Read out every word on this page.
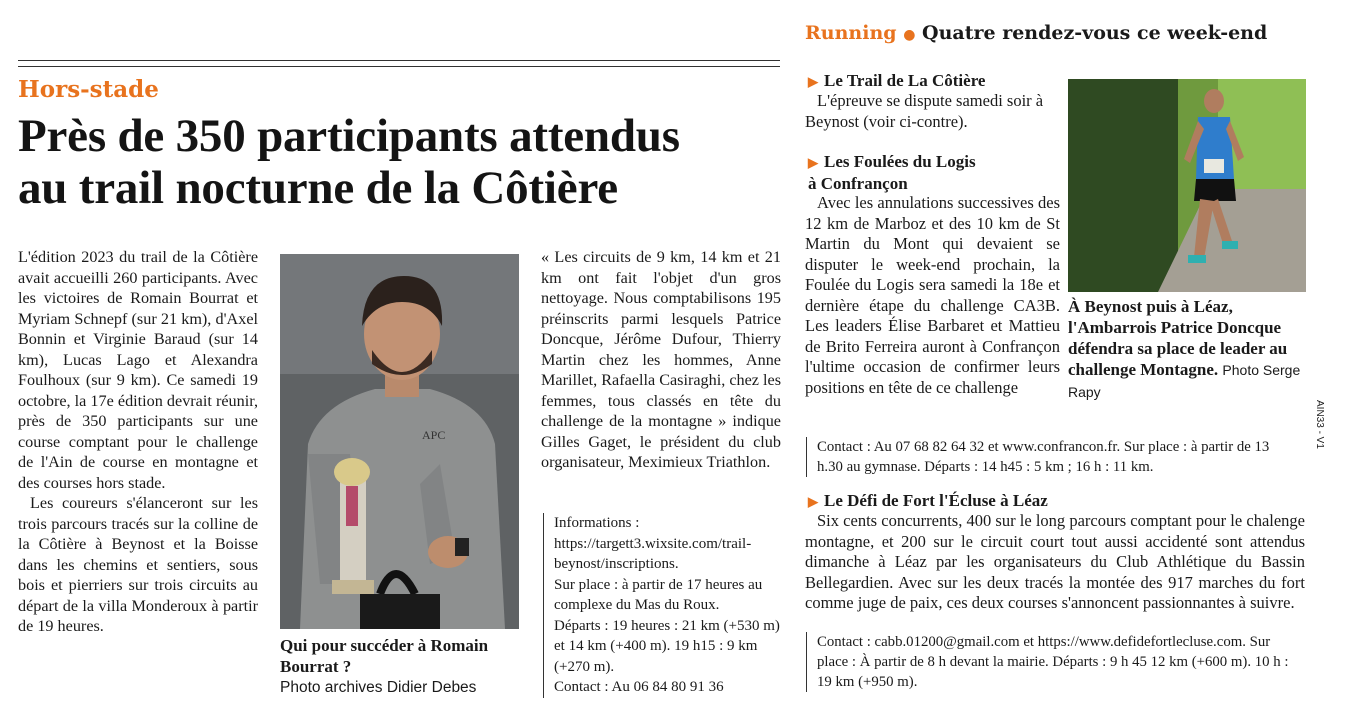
Hors-stade
Près de 350 participants attendus
au trail nocturne de la Côtière

L'édition 2023 du trail de la Côtière avait accueilli 260 participants. Avec les victoires de Romain Bourrat et Myriam Schnepf (sur 21 km), d'Axel Bonnin et Virginie Baraud (sur 14 km), Lucas Lago et Alexandra Foulhoux (sur 9 km). Ce samedi 19 octobre, la 17e édition devrait réunir, près de 350 participants sur une course comptant pour le challenge de l'Ain de course en montagne et des courses hors stade.

Les coureurs s'élanceront sur les trois parcours tracés sur la colline de la Côtière à Beynost et la Boisse dans les chemins et sentiers, sous bois et pierriers sur trois circuits au départ de la villa Monderoux à partir de 19 heures.

APC
Qui pour succéder à Romain Bourrat ?
Photo archives Didier Debes

« Les circuits de 9 km, 14 km et 21 km ont fait l'objet d'un gros nettoyage. Nous comptabilisons 195 préinscrits parmi lesquels Patrice Doncque, Jérôme Dufour, Thierry Martin chez les hommes, Anne Marillet, Rafaella Casiraghi, chez les femmes, tous classés en tête du challenge de la montagne » indique Gilles Gaget, le président du club organisateur, Meximieux Triathlon.

Informations : https://targett3.wixsite.com/trail-beynost/inscriptions.

Sur place : à partir de 17 heures au complexe du Mas du Roux.

Départs : 19 heures : 21 km (+530 m) et 14 km (+400 m). 19 h15 : 9 km (+270 m).

Contact : Au 06 84 80 91 36

Running ● Quatre rendez-vous ce week-end
▶ Le Trail de La Côtière

L'épreuve se dispute samedi soir à Beynost (voir ci-contre).

▶ Les Foulées du Logis
à Confrançon

Avec les annulations successives des 12 km de Marboz et des 10 km de St Martin du Mont qui devaient se disputer le week-end prochain, la Foulée du Logis sera samedi la 18e et dernière étape du challenge CA3B. Les leaders Élise Barbaret et Mattieu de Brito Ferreira auront à Confrançon l'ultime occasion de confirmer leurs positions en tête de ce challenge

Contact : Au 07 68 82 64 32 et www.confrancon.fr. Sur place : à partir de 13 h.30 au gymnase. Départs : 14 h45 : 5 km ; 16 h : 11 km.
À Beynost puis à Léaz, l'Ambarrois Patrice Doncque défendra sa place de leader au challenge Montagne. Photo Serge Rapy
▶ Le Défi de Fort l'Écluse à Léaz

Six cents concurrents, 400 sur le long parcours comptant pour le chalenge montagne, et 200 sur le circuit court tout aussi accidenté sont attendus dimanche à Léaz par les organisateurs du Club Athlétique du Bassin Bellegardien. Avec sur les deux tracés la montée des 917 marches du fort comme juge de paix, ces deux courses s'annoncent passionnantes à suivre.

Contact : cabb.01200@gmail.com et https://www.defidefortlecluse.com. Sur place : À partir de 8 h devant la mairie. Départs : 9 h 45 12 km (+600 m). 10 h : 19 km (+950 m).
AIN33 - V1
